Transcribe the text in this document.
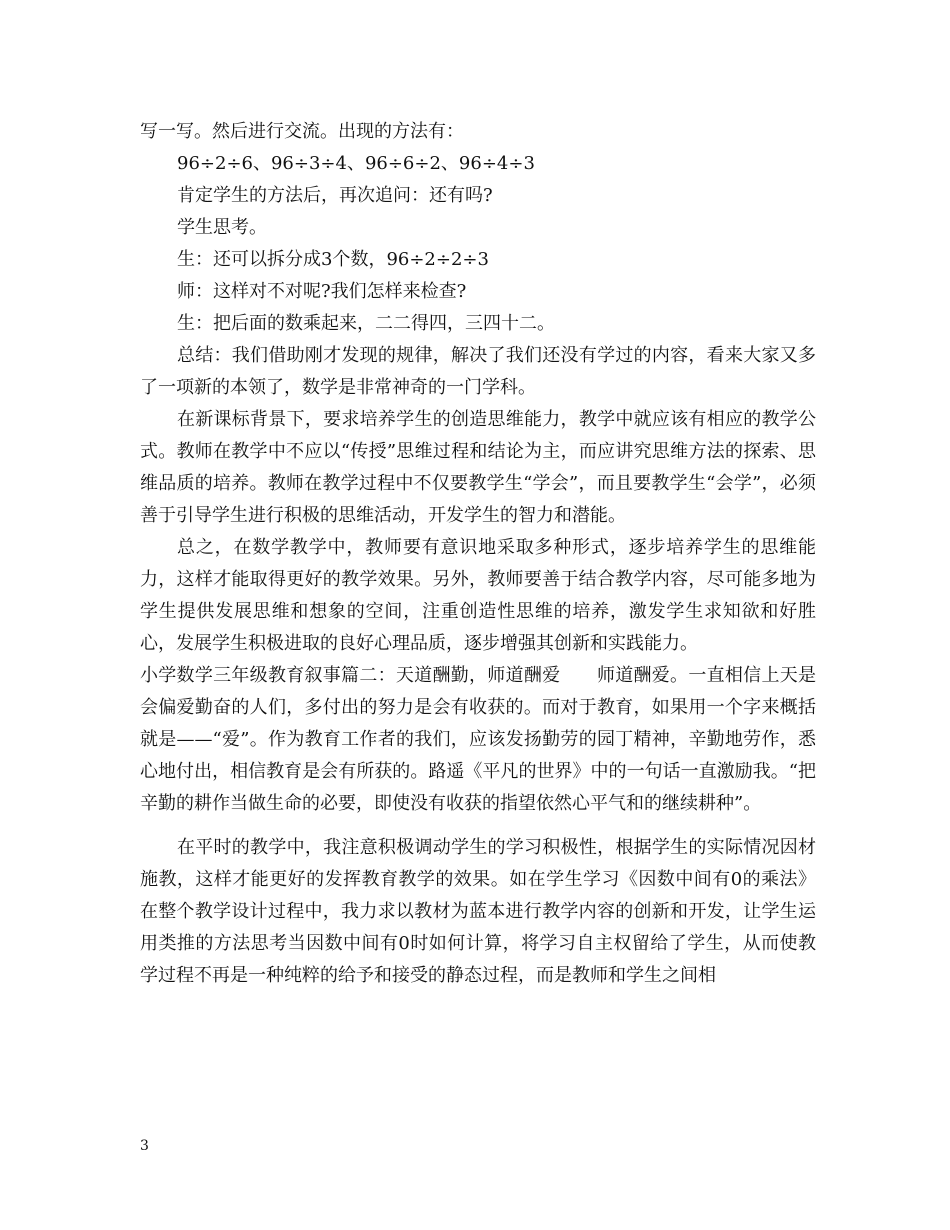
写一写。然后进行交流。出现的方法有：

96÷2÷6、96÷3÷4、96÷6÷2、96÷4÷3

肯定学生的方法后，再次追问：还有吗?

学生思考。

生：还可以拆分成3个数，96÷2÷2÷3

师：这样对不对呢?我们怎样来检查?

生：把后面的数乘起来，二二得四，三四十二。

总结：我们借助刚才发现的规律，解决了我们还没有学过的内容，看来大家又多了一项新的本领了，数学是非常神奇的一门学科。

在新课标背景下，要求培养学生的创造思维能力，教学中就应该有相应的教学公式。教师在教学中不应以“传授”思维过程和结论为主，而应讲究思维方法的探索、思维品质的培养。教师在教学过程中不仅要教学生“学会”，而且要教学生“会学”，必须善于引导学生进行积极的思维活动，开发学生的智力和潜能。

总之，在数学教学中，教师要有意识地采取多种形式，逐步培养学生的思维能力，这样才能取得更好的教学效果。另外，教师要善于结合教学内容，尽可能多地为学生提供发展思维和想象的空间，注重创造性思维的培养，激发学生求知欲和好胜心，发展学生积极进取的良好心理品质，逐步增强其创新和实践能力。

小学数学三年级教育叙事篇二：天道酬勤，师道酬爱　　师道酬爱。一直相信上天是会偏爱勤奋的人们，多付出的努力是会有收获的。而对于教育，如果用一个字来概括就是——“爱”。作为教育工作者的我们，应该发扬勤劳的园丁精神，辛勤地劳作，悉心地付出，相信教育是会有所获的。路遥《平凡的世界》中的一句话一直激励我。“把辛勤的耕作当做生命的必要，即使没有收获的指望依然心平气和的继续耕种”。

在平时的教学中，我注意积极调动学生的学习积极性，根据学生的实际情况因材施教，这样才能更好的发挥教育教学的效果。如在学生学习《因数中间有0的乘法》在整个教学设计过程中，我力求以教材为蓝本进行教学内容的创新和开发，让学生运用类推的方法思考当因数中间有0时如何计算，将学习自主权留给了学生，从而使教学过程不再是一种纯粹的给予和接受的静态过程，而是教师和学生之间相

3
